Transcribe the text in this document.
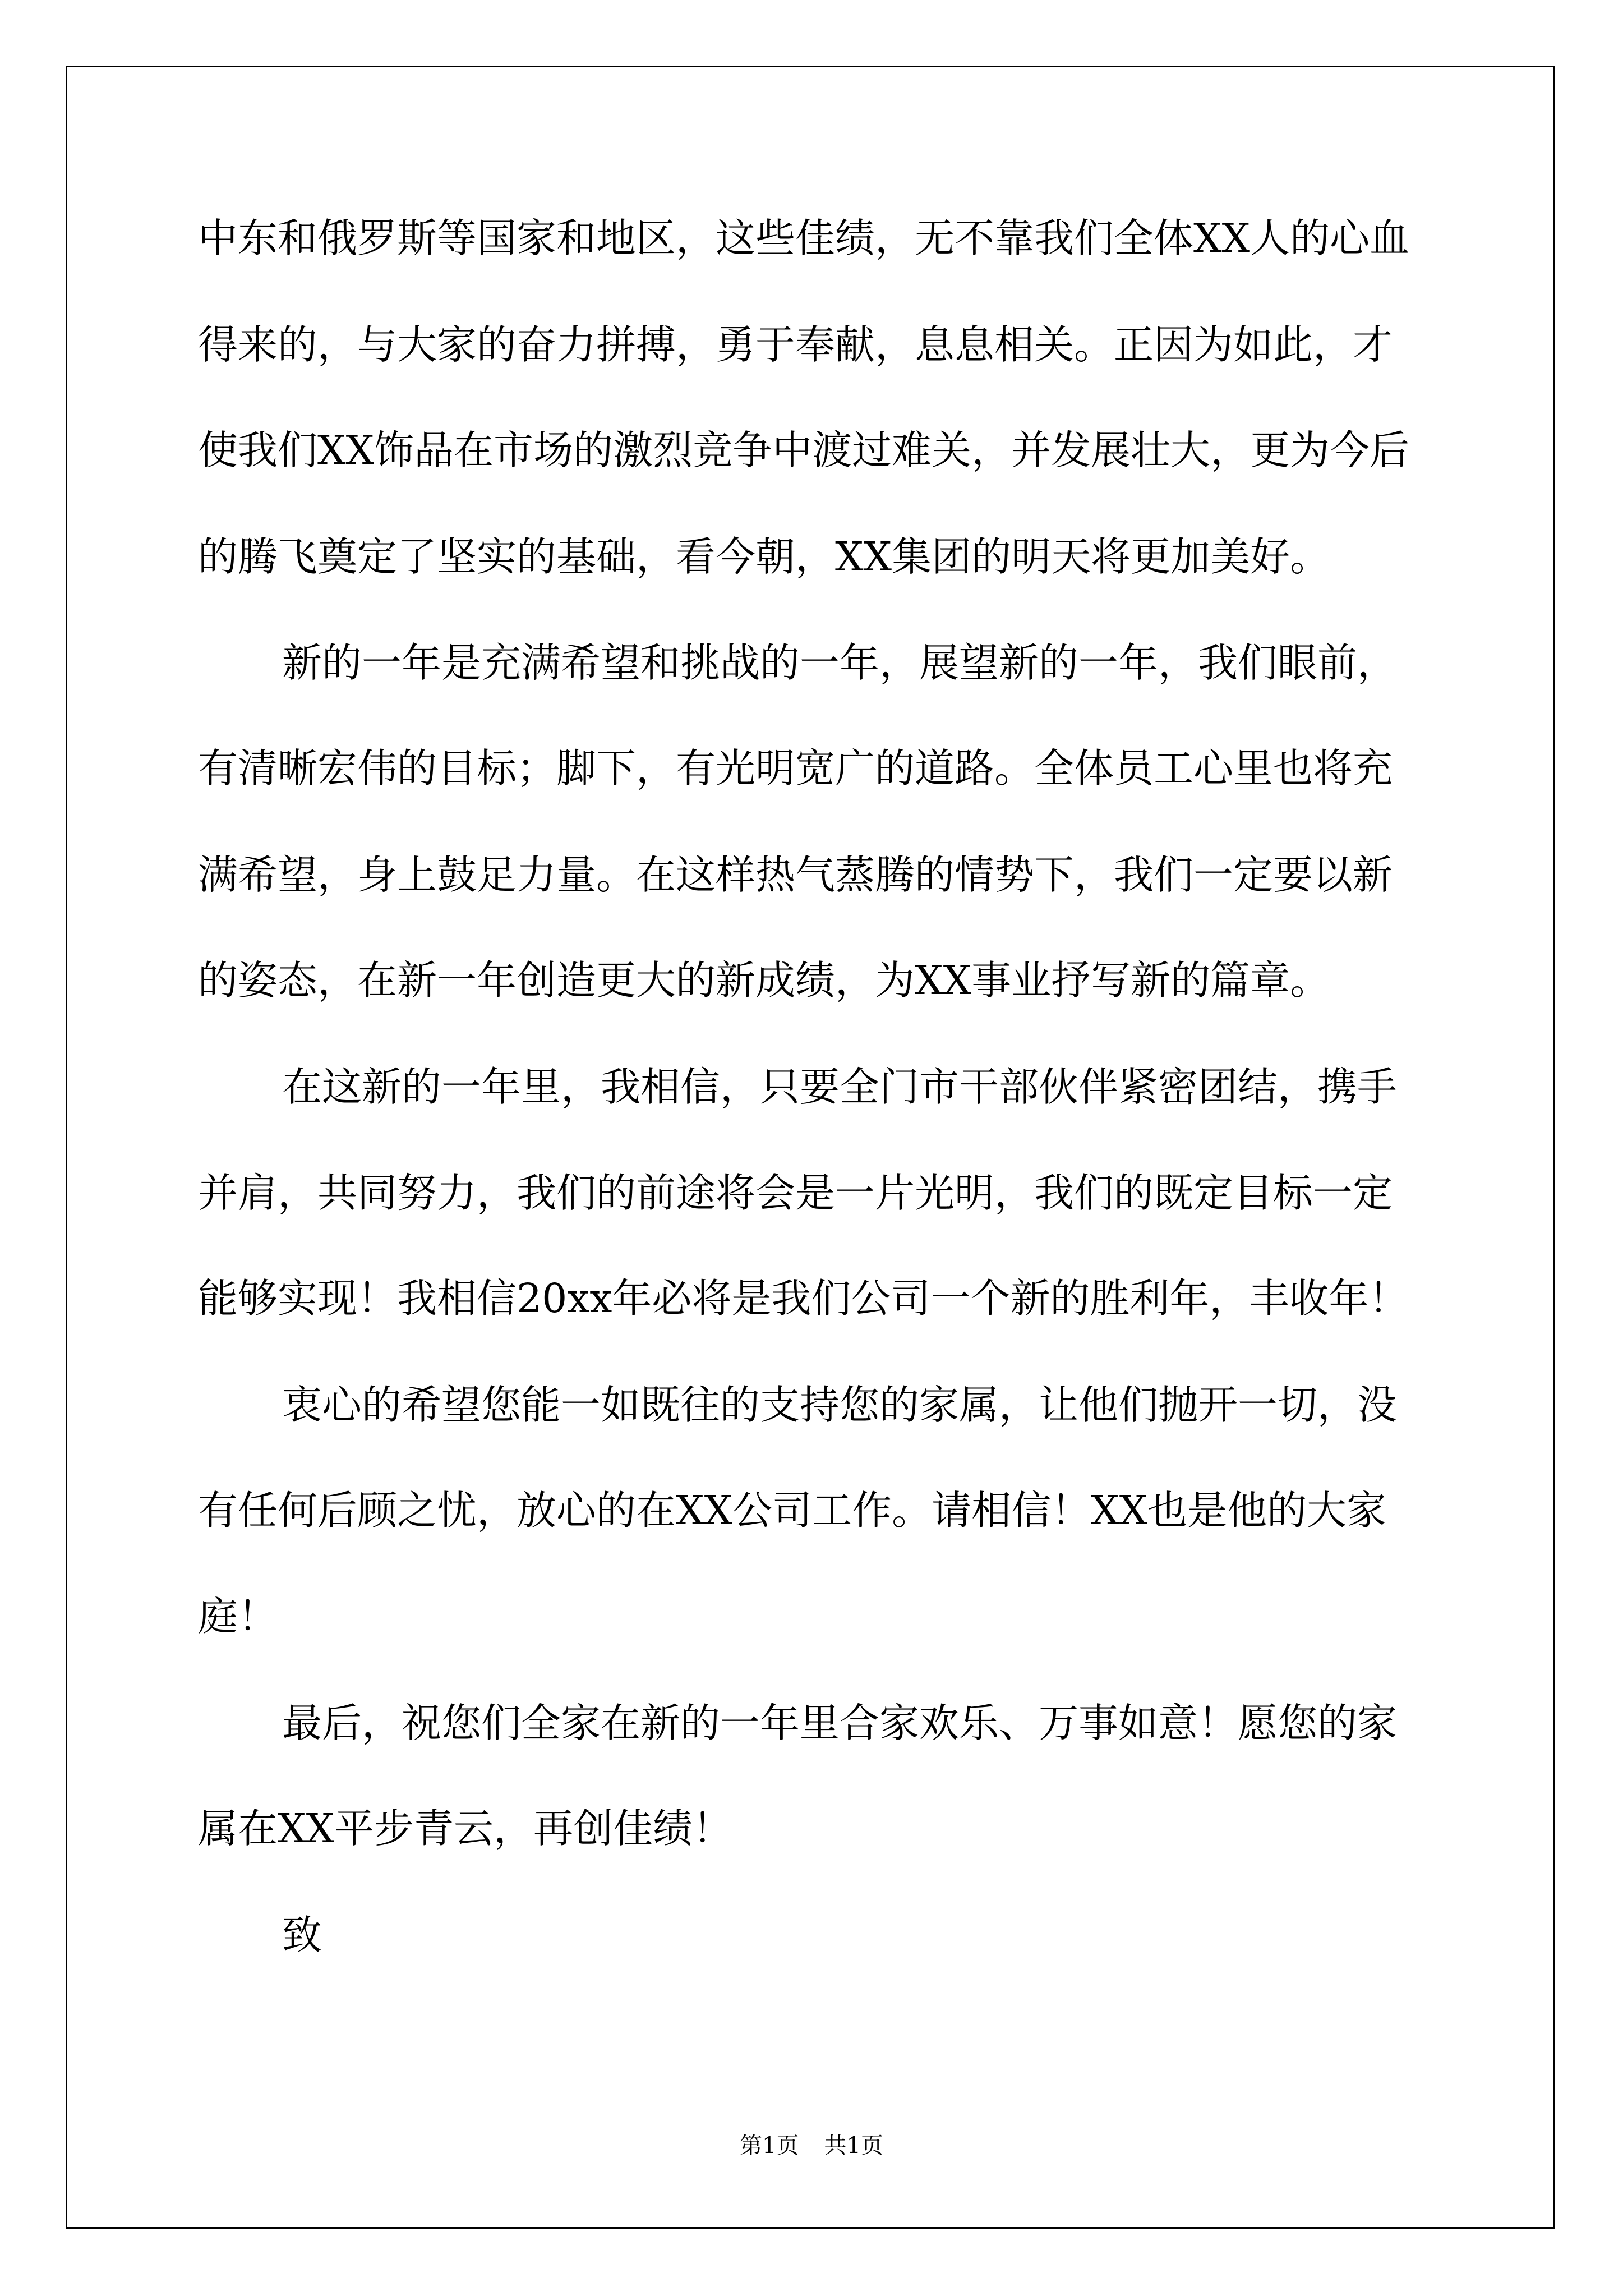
中东和俄罗斯等国家和地区，这些佳绩，无不靠我们全体XX人的心血
得来的，与大家的奋力拼搏，勇于奉献，息息相关。正因为如此，才
使我们XX饰品在市场的激烈竞争中渡过难关，并发展壮大，更为今后
的腾飞奠定了坚实的基础，看今朝，XX集团的明天将更加美好。
新的一年是充满希望和挑战的一年，展望新的一年，我们眼前，
有清晰宏伟的目标；脚下，有光明宽广的道路。全体员工心里也将充
满希望，身上鼓足力量。在这样热气蒸腾的情势下，我们一定要以新
的姿态，在新一年创造更大的新成绩，为XX事业抒写新的篇章。
在这新的一年里，我相信，只要全门市干部伙伴紧密团结，携手
并肩，共同努力，我们的前途将会是一片光明，我们的既定目标一定
能够实现！我相信20xx年必将是我们公司一个新的胜利年，丰收年！
衷心的希望您能一如既往的支持您的家属，让他们抛开一切，没
有任何后顾之忧，放心的在XX公司工作。请相信！XX也是他的大家
庭！
最后，祝您们全家在新的一年里合家欢乐、万事如意！愿您的家
属在XX平步青云，再创佳绩！
致
第1页 共1页
